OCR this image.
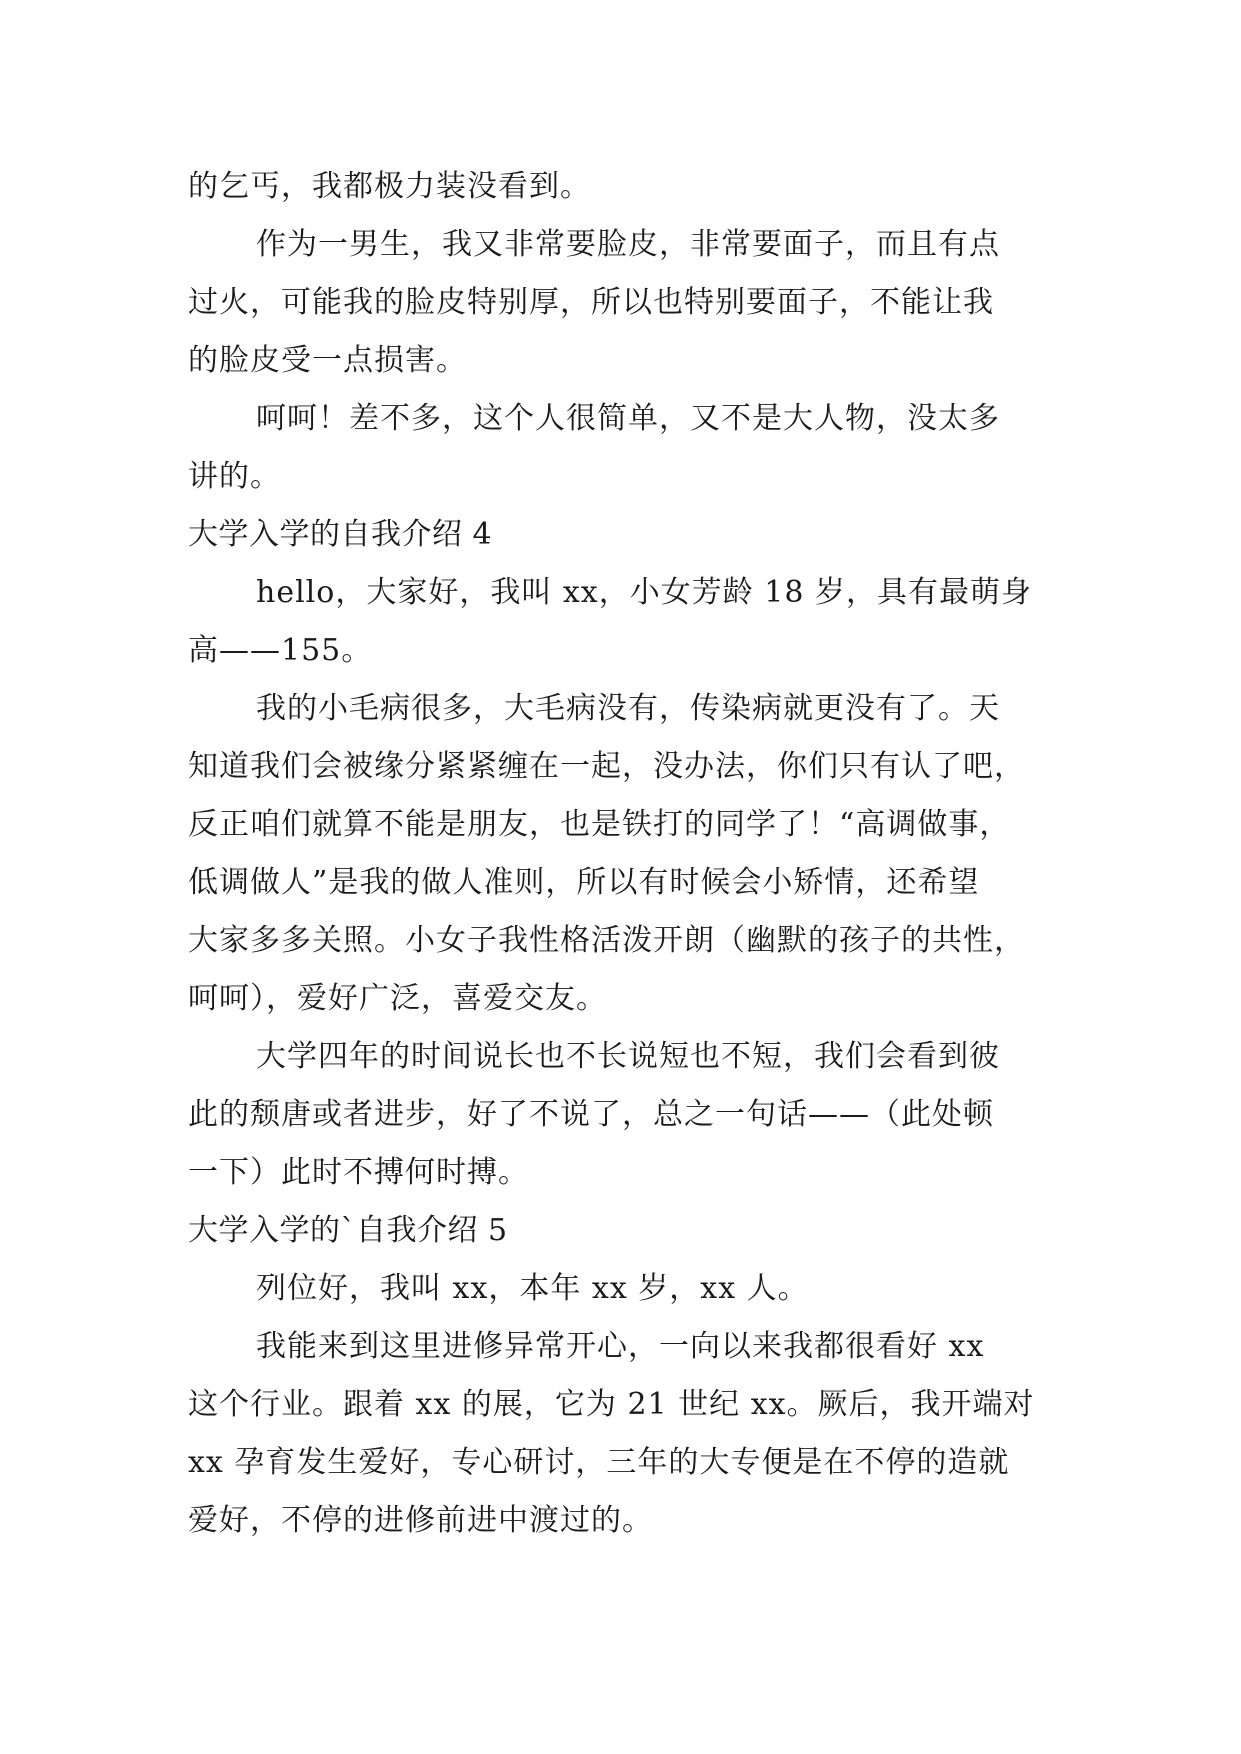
的乞丐，我都极力装没看到。
作为一男生，我又非常要脸皮，非常要面子，而且有点
过火，可能我的脸皮特别厚，所以也特别要面子，不能让我
的脸皮受一点损害。
呵呵！差不多，这个人很简单，又不是大人物，没太多
讲的。
大学入学的自我介绍 4
hello，大家好，我叫 xx，小女芳龄 18 岁，具有最萌身
高——155。
我的小毛病很多，大毛病没有，传染病就更没有了。天
知道我们会被缘分紧紧缠在一起，没办法，你们只有认了吧，
反正咱们就算不能是朋友，也是铁打的同学了！“高调做事，
低调做人”是我的做人准则，所以有时候会小矫情，还希望
大家多多关照。小女子我性格活泼开朗（幽默的孩子的共性，
呵呵），爱好广泛，喜爱交友。
大学四年的时间说长也不长说短也不短，我们会看到彼
此的颓唐或者进步，好了不说了，总之一句话——（此处顿
一下）此时不搏何时搏。
大学入学的`自我介绍 5
列位好，我叫 xx，本年 xx 岁，xx 人。
我能来到这里进修异常开心，一向以来我都很看好 xx
这个行业。跟着 xx 的展，它为 21 世纪 xx。厥后，我开端对
xx 孕育发生爱好，专心研讨，三年的大专便是在不停的造就
爱好，不停的进修前进中渡过的。
